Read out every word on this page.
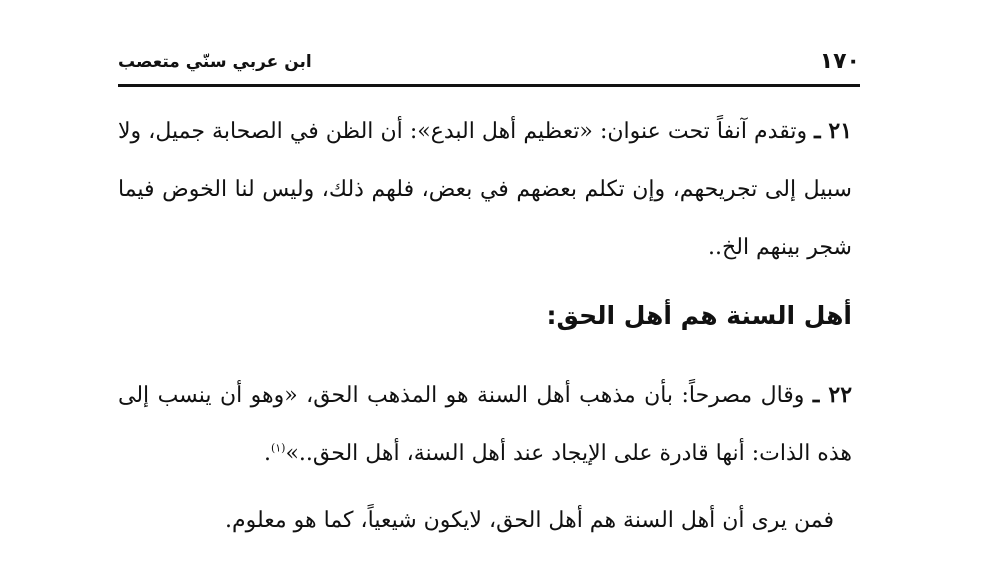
١٧٠
ابن عربي سنّي متعصب

٢١ ـ وتقدم آنفاً تحت عنوان: «تعظيم أهل البدع»: أن الظن في الصحابة جميل، ولا سبيل إلى تجريحهم، وإن تكلم بعضهم في بعض، فلهم ذلك، وليس لنا الخوض فيما شجر بينهم الخ..

أهل السنة هم أهل الحق:

٢٢ ـ وقال مصرحاً: بأن مذهب أهل السنة هو المذهب الحق، «وهو أن ينسب إلى هذه الذات: أنها قادرة على الإيجاد عند أهل السنة، أهل الحق..»$^{(١)}$.

فمن يرى أن أهل السنة هم أهل الحق، لايكون شيعياً، كما هو معلوم.
